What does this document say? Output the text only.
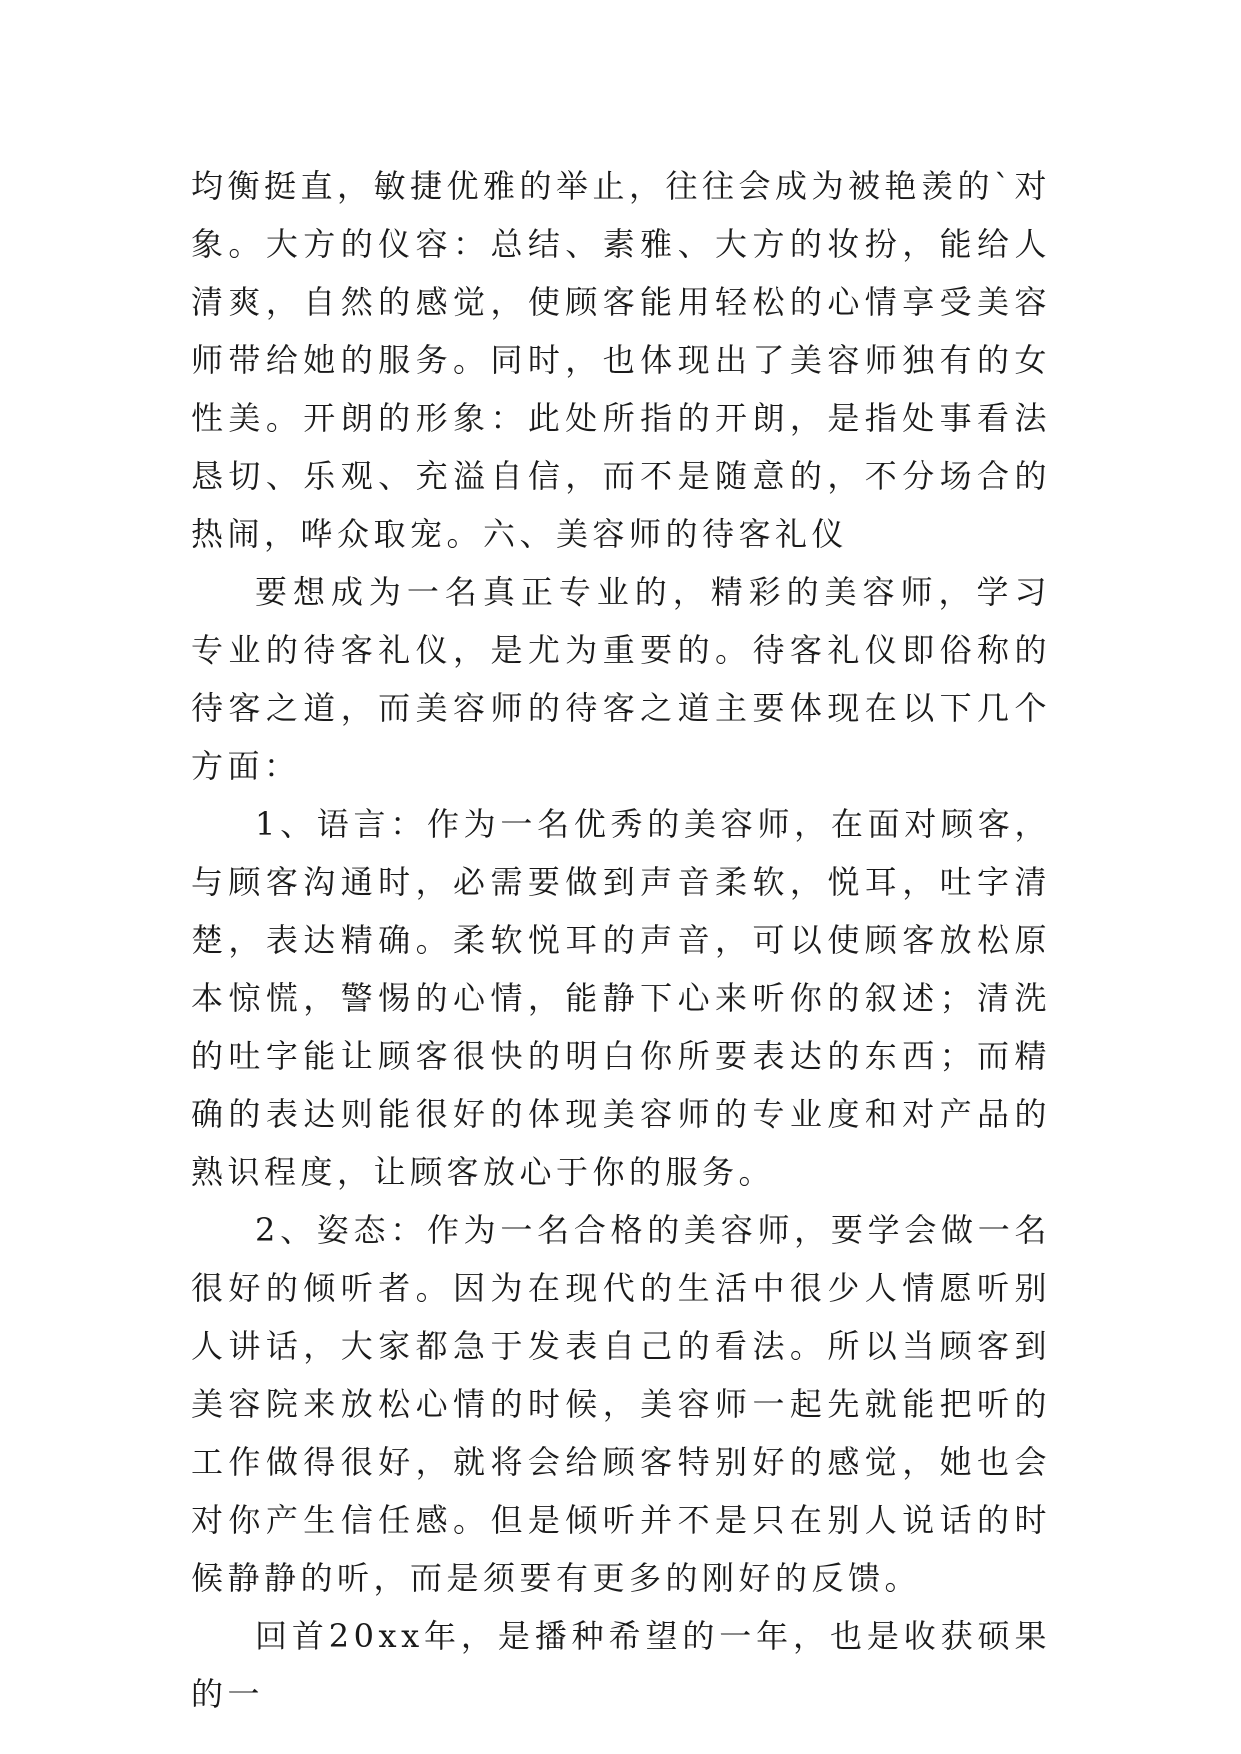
均衡挺直，敏捷优雅的举止，往往会成为被艳羡的`对象。大方的仪容：总结、素雅、大方的妆扮，能给人清爽，自然的感觉，使顾客能用轻松的心情享受美容师带给她的服务。同时，也体现出了美容师独有的女性美。开朗的形象：此处所指的开朗，是指处事看法恳切、乐观、充溢自信，而不是随意的，不分场合的热闹，哗众取宠。六、美容师的待客礼仪

要想成为一名真正专业的，精彩的美容师，学习专业的待客礼仪，是尤为重要的。待客礼仪即俗称的待客之道，而美容师的待客之道主要体现在以下几个方面：

1、语言：作为一名优秀的美容师，在面对顾客，与顾客沟通时，必需要做到声音柔软，悦耳，吐字清楚，表达精确。柔软悦耳的声音，可以使顾客放松原本惊慌，警惕的心情，能静下心来听你的叙述；清洗的吐字能让顾客很快的明白你所要表达的东西；而精确的表达则能很好的体现美容师的专业度和对产品的熟识程度，让顾客放心于你的服务。

2、姿态：作为一名合格的美容师，要学会做一名很好的倾听者。因为在现代的生活中很少人情愿听别人讲话，大家都急于发表自己的看法。所以当顾客到美容院来放松心情的时候，美容师一起先就能把听的工作做得很好，就将会给顾客特别好的感觉，她也会对你产生信任感。但是倾听并不是只在别人说话的时候静静的听，而是须要有更多的刚好的反馈。

回首20xx年，是播种希望的一年，也是收获硕果的一
